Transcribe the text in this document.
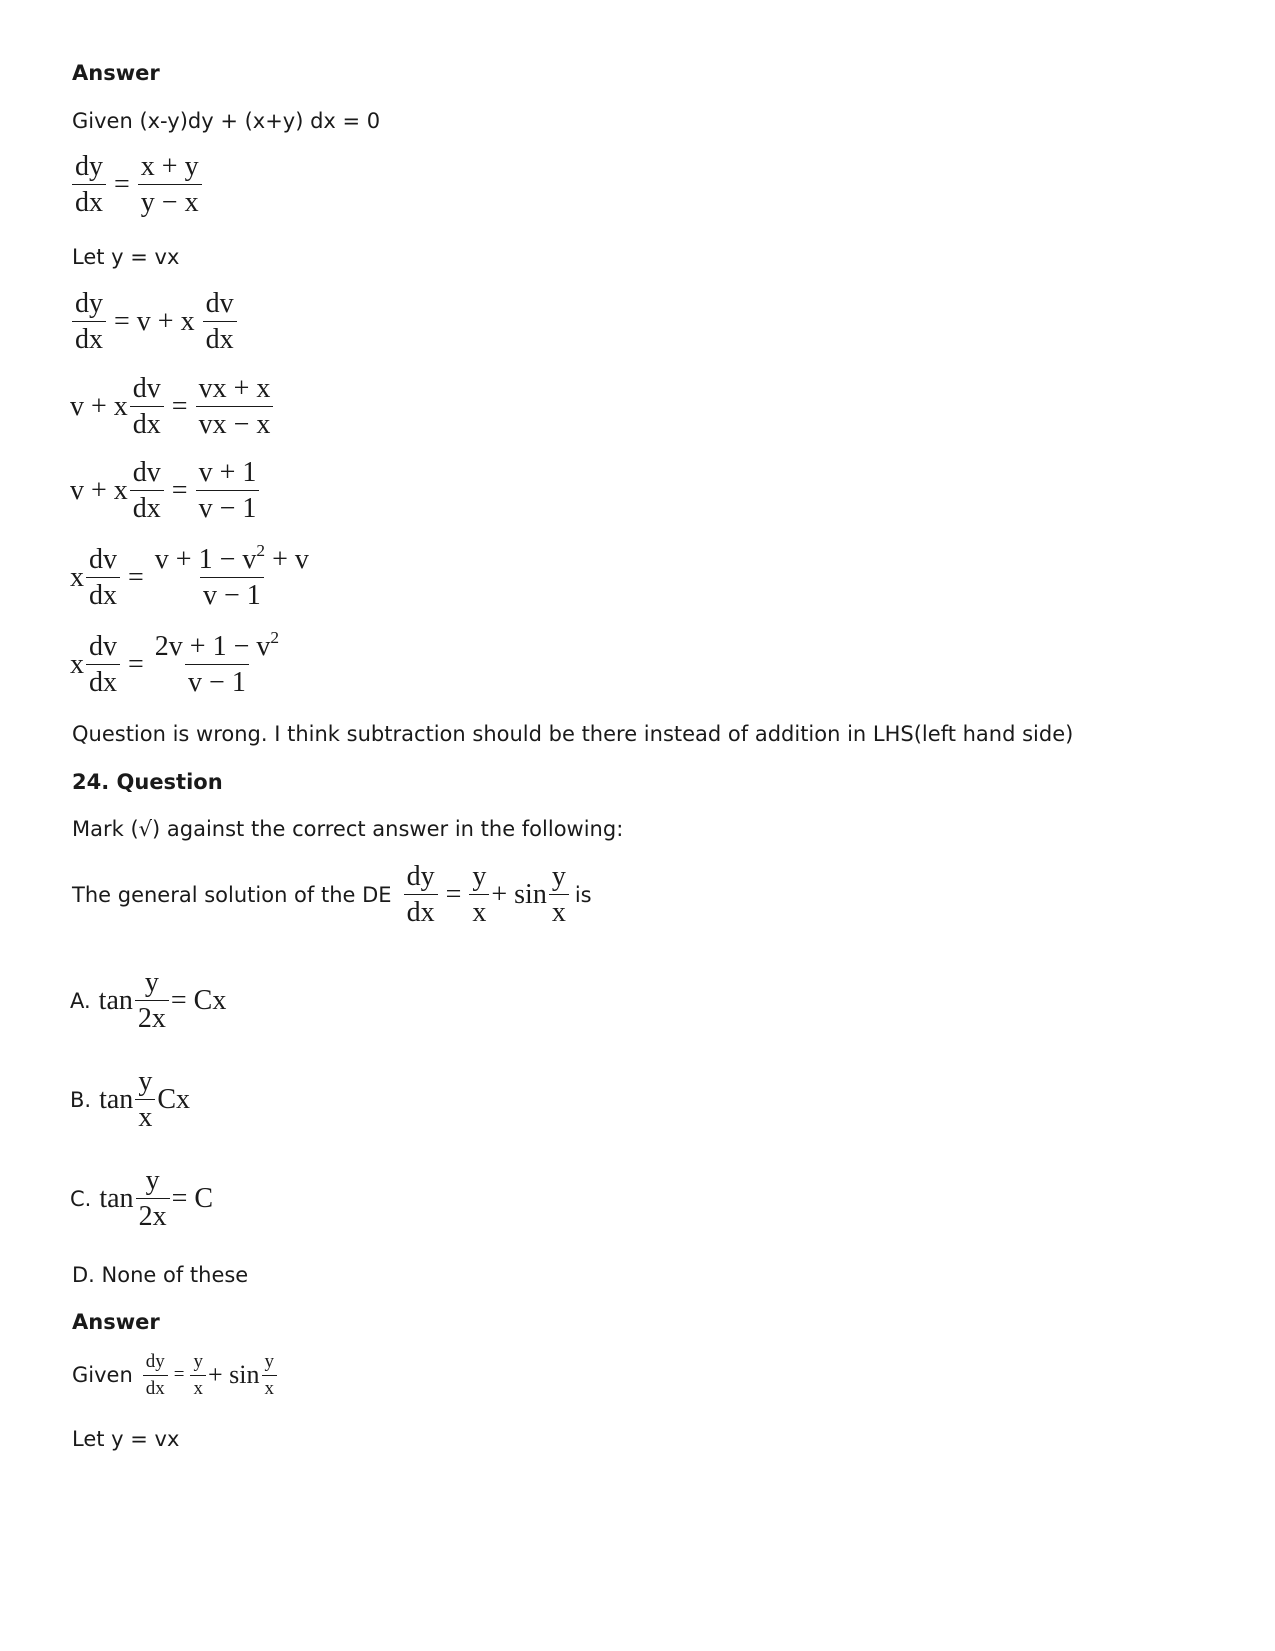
Answer
Given (x-y)dy + (x+y) dx = 0
$\frac{dy}{dx} = \frac{x + y}{y - x}$
Let y = vx
$\frac{dy}{dx} = v + x \frac{dv}{dx}$
v + x $\frac{dv}{dx} = \frac{vx + x}{vx - x}$
v + x $\frac{dv}{dx} = \frac{v + 1}{v - 1}$
x $\frac{dv}{dx} = \frac{v + 1 - v^2 + v}{v - 1}$
x $\frac{dv}{dx} = \frac{2v + 1 - v^2}{v - 1}$
Question is wrong. I think subtraction should be there instead of addition in LHS(left hand side)
24. Question
Mark (√) against the correct answer in the following:
The general solution of the DE $\frac{dy}{dx} = \frac{y}{x} + \sin \frac{y}{x}$ is
A. $\tan \frac{y}{2x} = Cx$
B. $\tan \frac{y}{x}$ Cx
C. $\tan \frac{y}{2x} = C$
D. None of these
Answer
Given $\frac{dy}{dx} = \frac{y}{x} + \sin \frac{y}{x}$
Let y = vx
